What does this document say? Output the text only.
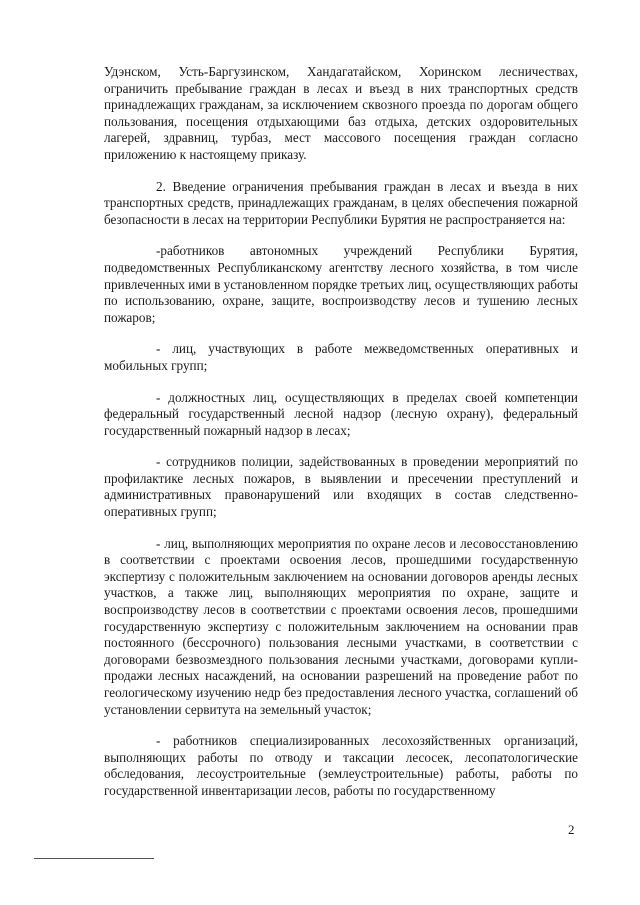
Удэнском, Усть-Баргузинском, Хандагатайском, Хоринском лесничествах, ограничить пребывание граждан в лесах и въезд в них транспортных средств принадлежащих гражданам, за исключением сквозного проезда по дорогам общего пользования, посещения отдыхающими баз отдыха, детских оздоровительных лагерей, здравниц, турбаз, мест массового посещения граждан согласно приложению к настоящему приказу.

2. Введение ограничения пребывания граждан в лесах и въезда в них транспортных средств, принадлежащих гражданам, в целях обеспечения пожарной безопасности в лесах на территории Республики Бурятия не распространяется на:

-работников автономных учреждений Республики Бурятия, подведомственных Республиканскому агентству лесного хозяйства, в том числе привлеченных ими в установленном порядке третьих лиц, осуществляющих работы по использованию, охране, защите, воспроизводству лесов и тушению лесных пожаров;

- лиц, участвующих в работе межведомственных оперативных и мобильных групп;

- должностных лиц, осуществляющих в пределах своей компетенции федеральный государственный лесной надзор (лесную охрану), федеральный государственный пожарный надзор в лесах;

- сотрудников полиции, задействованных в проведении мероприятий по профилактике лесных пожаров, в выявлении и пресечении преступлений и административных правонарушений или входящих в состав следственно-оперативных групп;

- лиц, выполняющих мероприятия по охране лесов и лесовосстановлению в соответствии с проектами освоения лесов, прошедшими государственную экспертизу с положительным заключением на основании договоров аренды лесных участков, а также лиц, выполняющих мероприятия по охране, защите и воспроизводству лесов в соответствии с проектами освоения лесов, прошедшими государственную экспертизу с положительным заключением на основании прав постоянного (бессрочного) пользования лесными участками, в соответствии с договорами безвозмездного пользования лесными участками, договорами купли-продажи лесных насаждений, на основании разрешений на проведение работ по геологическому изучению недр без предоставления лесного участка, соглашений об установлении сервитута на земельный участок;

- работников специализированных лесохозяйственных организаций, выполняющих работы по отводу и таксации лесосек, лесопатологические обследования, лесоустроительные (землеустроительные) работы, работы по государственной инвентаризации лесов, работы по государственному

2
